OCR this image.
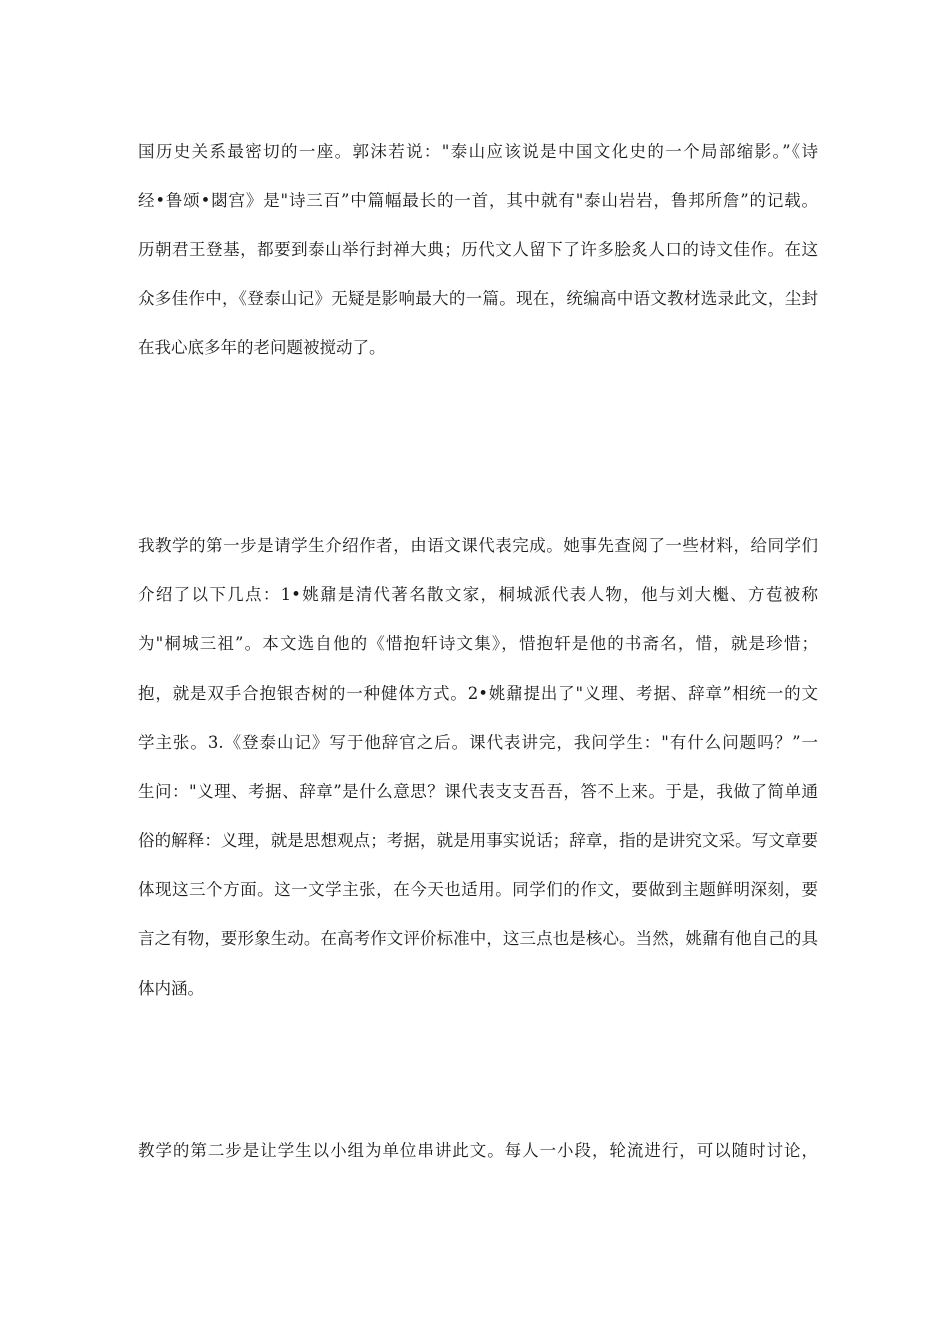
国历史关系最密切的一座。郭沫若说："泰山应该说是中国文化史的一个局部缩影。”《诗
经•鲁颂•閟宫》是"诗三百”中篇幅最长的一首，其中就有"泰山岩岩，鲁邦所詹”的记载。
历朝君王登基，都要到泰山举行封禅大典；历代文人留下了许多脍炙人口的诗文佳作。在这
众多佳作中，《登泰山记》无疑是影响最大的一篇。现在，统编高中语文教材选录此文，尘封
在我心底多年的老问题被搅动了。
我教学的第一步是请学生介绍作者，由语文课代表完成。她事先查阅了一些材料，给同学们
介绍了以下几点：1•姚鼐是清代著名散文家，桐城派代表人物，他与刘大櫆、方苞被称
为"桐城三祖”。本文选自他的《惜抱轩诗文集》，惜抱轩是他的书斋名，惜，就是珍惜；
抱，就是双手合抱银杏树的一种健体方式。2•姚鼐提出了"义理、考据、辞章”相统一的文
学主张。3.《登泰山记》写于他辞官之后。课代表讲完，我问学生："有什么问题吗？”一
生问："义理、考据、辞章”是什么意思？课代表支支吾吾，答不上来。于是，我做了简单通
俗的解释：义理，就是思想观点；考据，就是用事实说话；辞章，指的是讲究文采。写文章要
体现这三个方面。这一文学主张，在今天也适用。同学们的作文，要做到主题鲜明深刻，要
言之有物，要形象生动。在高考作文评价标准中，这三点也是核心。当然，姚鼐有他自己的具
体内涵。
教学的第二步是让学生以小组为单位串讲此文。每人一小段，轮流进行，可以随时讨论，
